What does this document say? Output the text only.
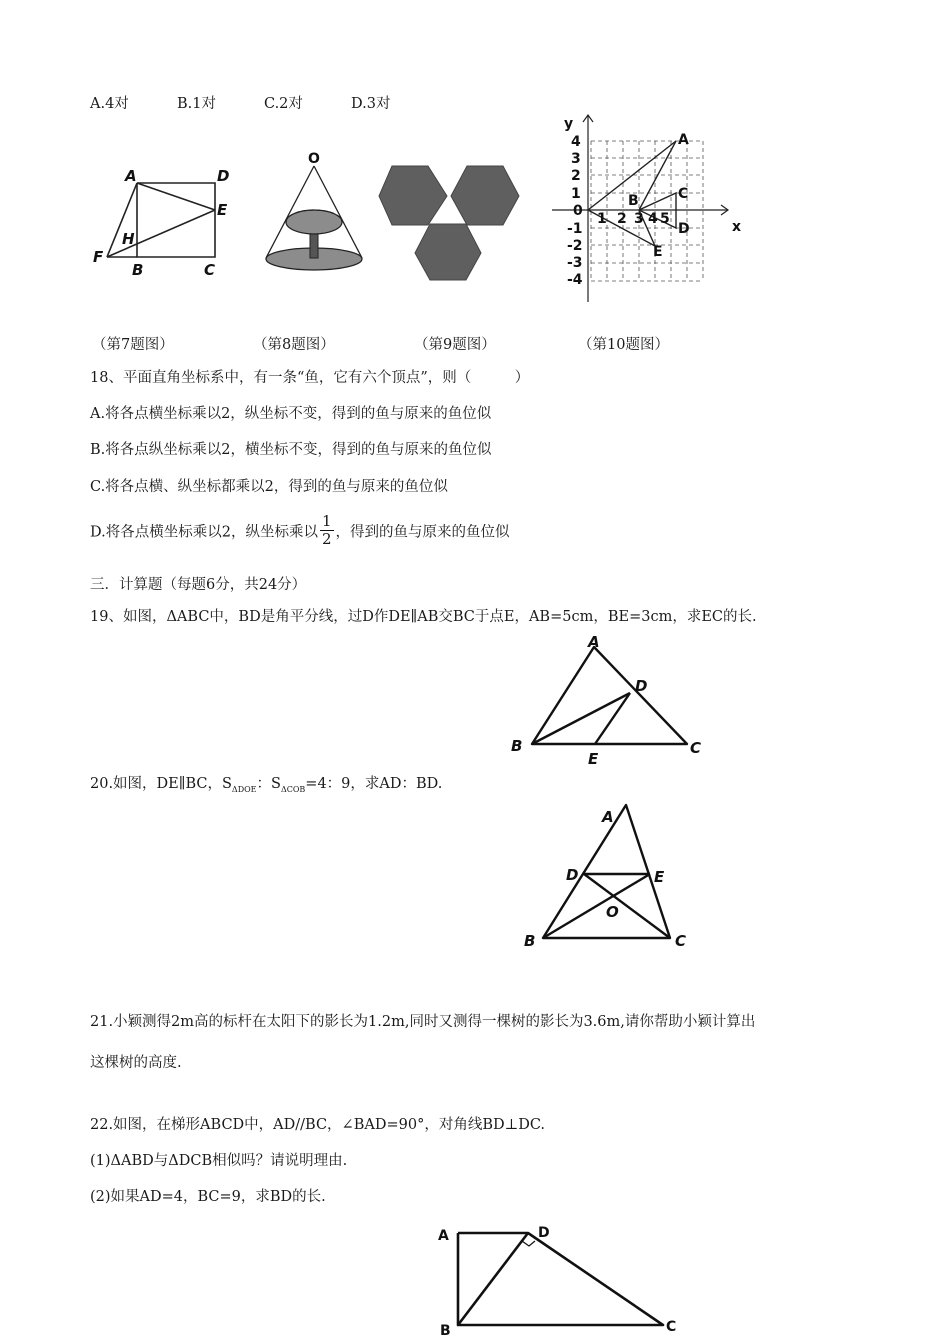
A.4对	B.1对	C.2对	D.3对
A	D
E
H
F
B	C
O
y
x
4
3
2
1
0
-1
-2
-3
-4
1 2 3 4 5
A
B	C
D
E
（第7题图）	（第8题图）	（第9题图）	（第10题图）
18、平面直角坐标系中，有一条“鱼，它有六个顶点”，则（　　　）
A.将各点横坐标乘以2，纵坐标不变，得到的鱼与原来的鱼位似
B.将各点纵坐标乘以2，横坐标不变，得到的鱼与原来的鱼位似
C.将各点横、纵坐标都乘以2，得到的鱼与原来的鱼位似
D.将各点横坐标乘以2，纵坐标乘以 $\frac{1}{2}$ ，得到的鱼与原来的鱼位似
三．计算题（每题6分，共24分）
19、如图，ΔABC中，BD是角平分线，过D作DE∥AB交BC于点E，AB=5cm，BE=3cm，求EC的长.
A
D
B
E
C
20.如图，DE∥BC，$S_{\Delta DOE}$：$S_{\Delta COB}=4$：9，求AD：BD.
A
D	E
O
B	C
21.小颖测得2m高的标杆在太阳下的影长为1.2m,同时又测得一棵树的影长为3.6m,请你帮助小颖计算出
这棵树的高度.
22.如图，在梯形ABCD中，AD//BC，∠BAD=90°，对角线BD⊥DC.
(1)ΔABD与ΔDCB相似吗？请说明理由.
(2)如果AD=4，BC=9，求BD的长.
A	D
B	C
